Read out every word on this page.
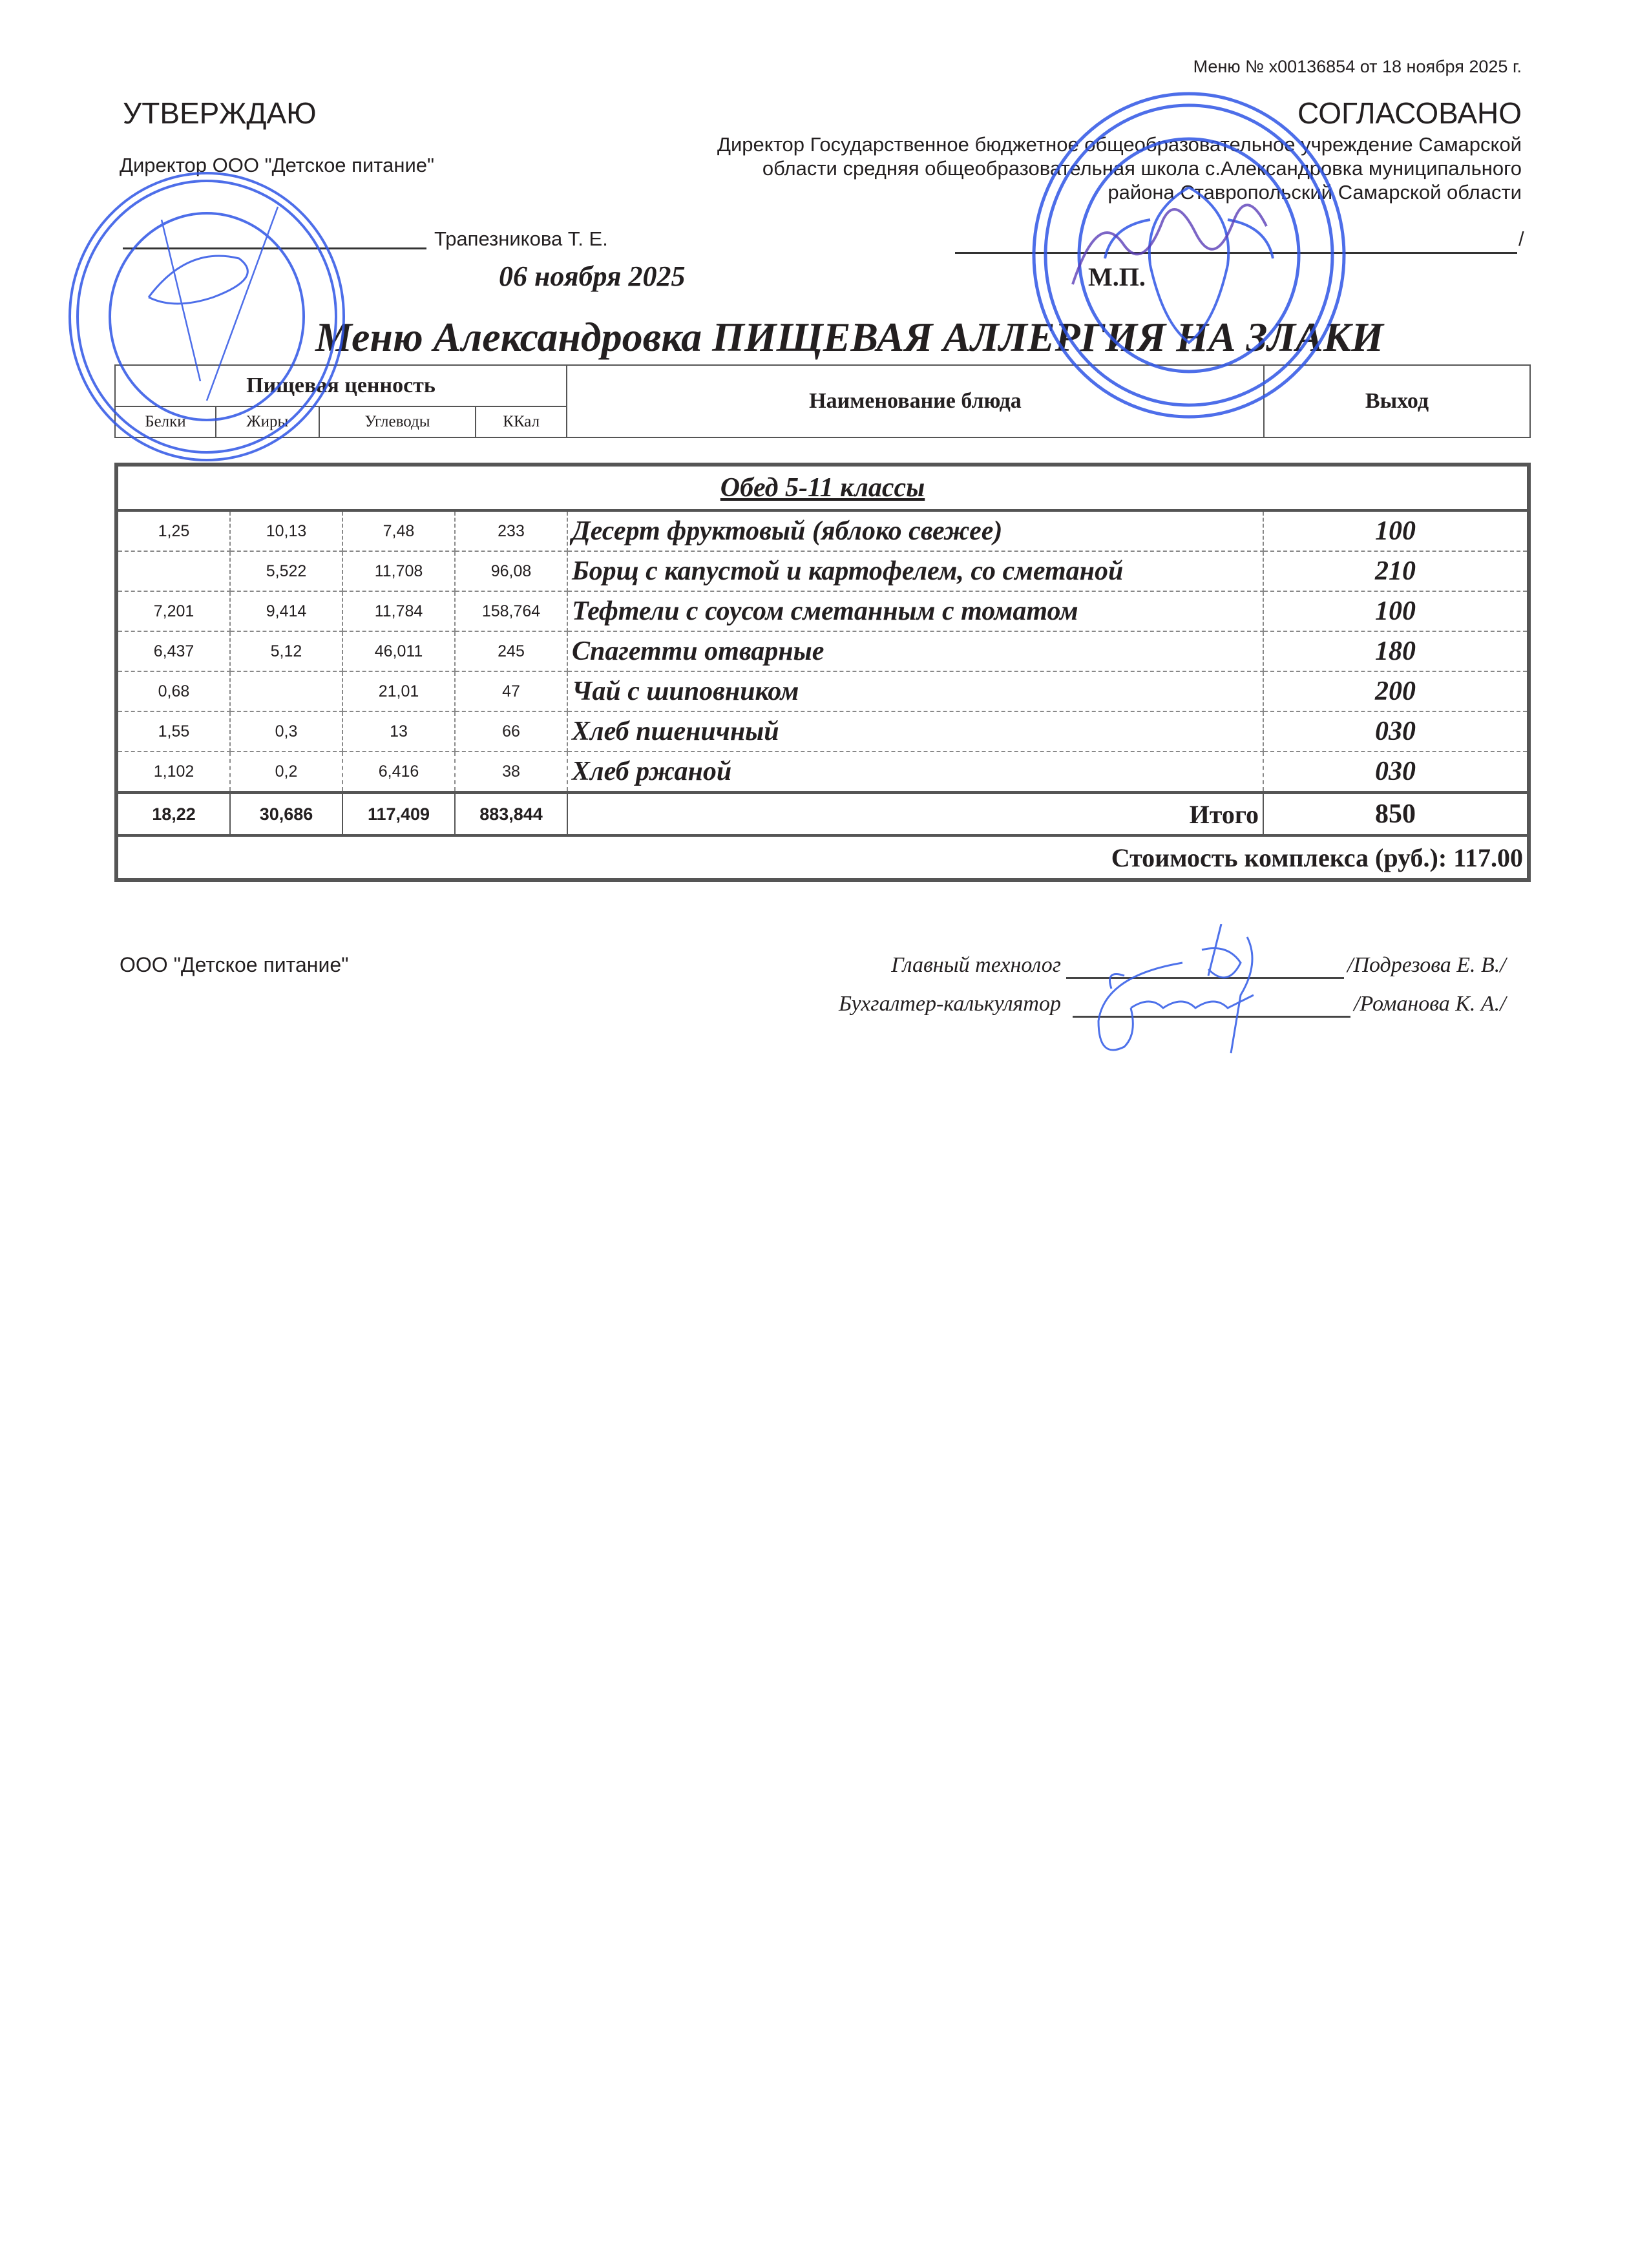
Меню № x00136854 от 18 ноября 2025 г.
УТВЕРЖДАЮ	СОГЛАСОВАНО
Директор ООО "Детское питание"
Директор Государственное бюджетное общеобразовательное учреждение Самарской
области средняя общеобразовательная школа с.Александровка муниципального
района Ставропольский Самарской области
Трапезникова Т. Е.
06 ноября 2025
/
М.П.
Меню Александровка ПИЩЕВАЯ АЛЛЕРГИЯ НА ЗЛАКИ
Пищевая ценность				Наименование блюда	Выход
Белки	Жиры	Углеводы	ККал		
Обед 5-11 классы					
1,25	10,13	7,48	233	Десерт фруктовый (яблоко свежее)	100
	5,522	11,708	96,08	Борщ с капустой и картофелем, со сметаной	210
7,201	9,414	11,784	158,764	Тефтели с соусом сметанным с томатом	100
6,437	5,12	46,011	245	Спагетти отварные	180
0,68		21,01	47	Чай с шиповником	200
1,55	0,3	13	66	Хлеб пшеничный	030
1,102	0,2	6,416	38	Хлеб ржаной	030
18,22	30,686	117,409	883,844	Итого	850
Стоимость комплекса (руб.): 117.00					
ООО "Детское питание"	Главный технолог	/Подрезова Е. В./
Бухгалтер-калькулятор	/Романова К. А./
